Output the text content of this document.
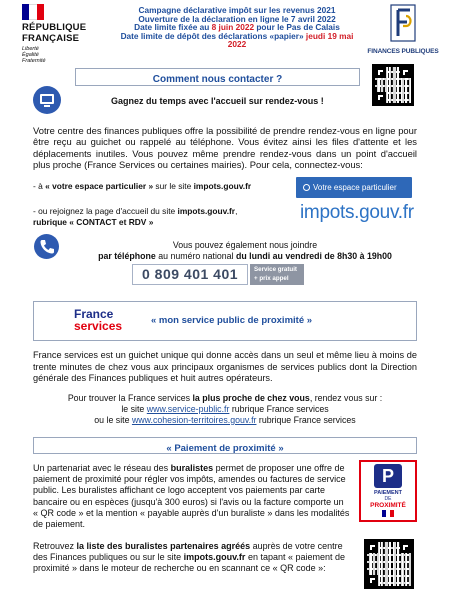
RÉPUBLIQUE
FRANÇAISE
Liberté
Égalité
Fraternité
Campagne déclarative impôt sur les revenus 2021
Ouverture de la déclaration en ligne le 7 avril 2022
Date limite fixée au 8 juin 2022 pour le Pas de Calais
Date limite de dépôt des déclarations «papier» jeudi 19 mai 2022
FINANCES PUBLIQUES
Comment nous contacter ?
Gagnez du temps avec l'accueil sur rendez-vous !
Votre centre des finances publiques offre la possibilité de prendre rendez-vous en ligne pour être reçu au guichet ou rappelé au téléphone. Vous évitez ainsi les files d'attente et les déplacements inutiles. Vous pouvez même prendre rendez-vous dans un point d'accueil plus proche (France Services ou certaines mairies). Pour cela, connectez-vous:
- à « votre espace particulier » sur le site impots.gouv.fr	Votre espace particulier
- ou rejoignez la page d'accueil du site impots.gouv.fr,
rubrique « CONTACT et RDV »	impots.gouv.fr
Vous pouvez également nous joindre
par téléphone au numéro national du lundi au vendredi de 8h30 à 19h00
0 809 401 401	Service gratuit
+ prix appel
France
services	« mon service public de proximité »
France services est un guichet unique qui donne accès dans un seul et même lieu à moins de trente minutes de chez vous aux principaux organismes de services publics dont la Direction générale des Finances publiques et huit autres opérateurs.
Pour trouver la France services la plus proche de chez vous, rendez vous sur :
le site www.service-public.fr rubrique France services
ou le site www.cohesion-territoires.gouv.fr rubrique France services
« Paiement de proximité »
Un partenariat avec le réseau des buralistes permet de proposer une offre de paiement de proximité pour régler vos impôts, amendes ou factures de service public. Les buralistes affichant ce logo acceptent vos paiements par carte bancaire ou en espèces (jusqu'à 300 euros) si l'avis ou la facture comporte un « QR code » et la mention « payable auprès d'un buraliste » dans les modalités de paiement.
P
PAIEMENT
DE
PROXIMITÉ
Retrouvez la liste des buralistes partenaires agréés auprès de votre centre des Finances publiques ou sur le site impots.gouv.fr en tapant « paiement de proximité » dans le moteur de recherche ou en scannant ce « QR code »:
